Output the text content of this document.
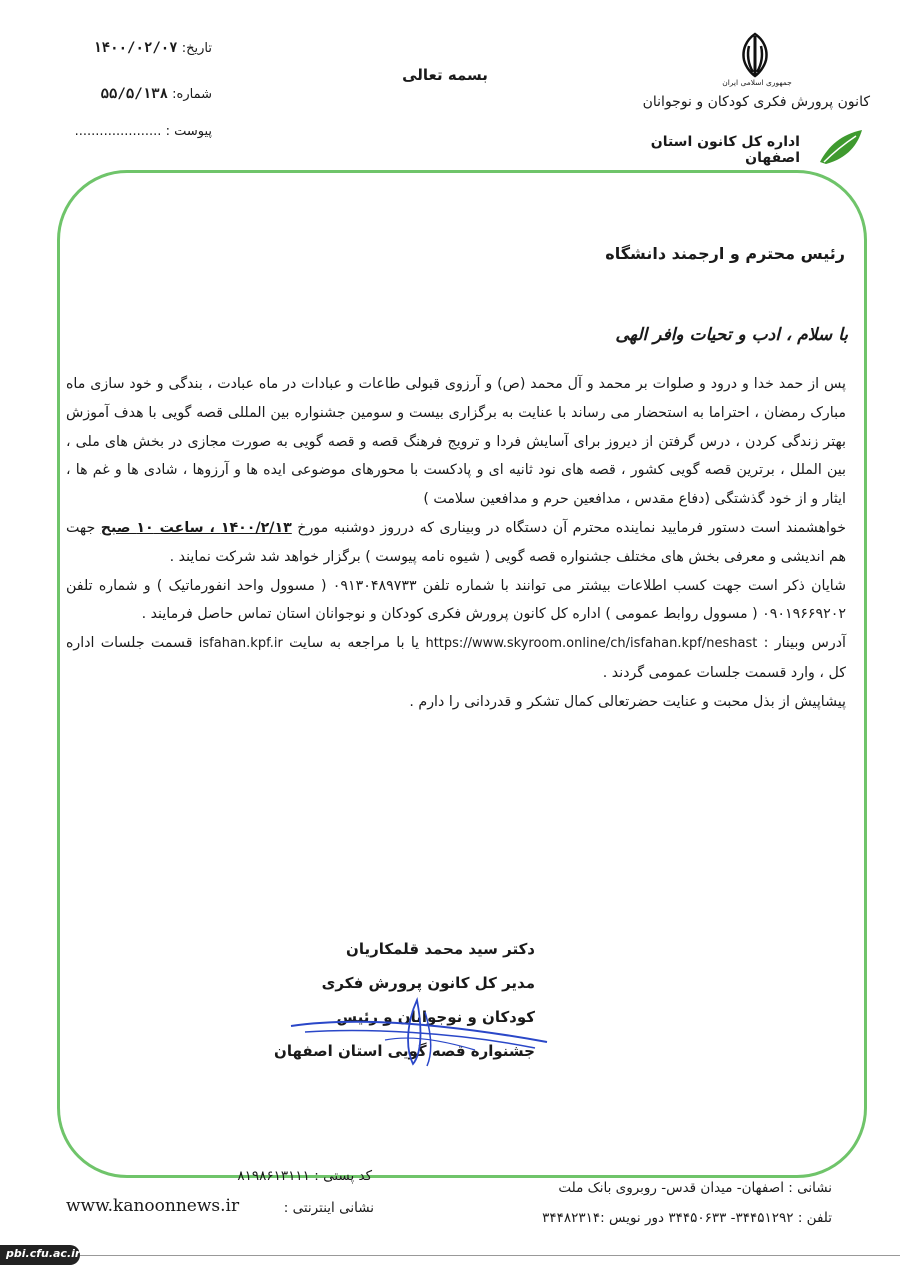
جمهوری اسلامی ایران
کانون پرورش فکری کودکان و نوجوانان
اداره کل کانون استان اصفهان
بسمه تعالی
تاریخ: ۱۴۰۰/۰۲/۰۷
شماره: ۵۵/۵/۱۳۸
پیوست : .....................
رئیس محترم و ارجمند دانشگاه
با سلام ، ادب و تحیات وافر الهی

پس از حمد خدا و درود و صلوات بر محمد و آل محمد (ص) و آرزوی قبولی طاعات و عبادات در ماه عبادت ، بندگی و خود سازی ماه مبارک رمضان ، احتراما به استحضار می رساند با عنایت به برگزاری بیست و سومین جشنواره بین المللی قصه گویی با هدف آموزش بهتر زندگی کردن ، درس گرفتن از دیروز برای آسایش فردا و ترویج فرهنگ قصه و قصه گویی به صورت مجازی در بخش های ملی ، بین الملل ، برترین قصه گویی کشور ، قصه های نود ثانیه ای و پادکست با محورهای موضوعی ایده ها و آرزوها ، شادی ها و غم ها ، ایثار و از خود گذشتگی (دفاع مقدس ، مدافعین حرم و مدافعین سلامت )

خواهشمند است دستور فرمایید نماینده محترم آن دستگاه در وبیناری که درروز دوشنبه مورخ ۱۴۰۰/۲/۱۳ ، ساعت ۱۰ صبح جهت هم اندیشی و معرفی بخش های مختلف جشنواره قصه گویی ( شیوه نامه پیوست ) برگزار خواهد شد شرکت نمایند .

شایان ذکر است جهت کسب اطلاعات بیشتر می توانند با شماره تلفن ۰۹۱۳۰۴۸۹۷۳۳ ( مسوول واحد انفورماتیک ) و شماره تلفن ۰۹۰۱۹۶۶۹۲۰۲ ( مسوول روابط عمومی ) اداره کل کانون پرورش فکری کودکان و نوجوانان استان تماس حاصل فرمایند .

آدرس وبینار : https://www.skyroom.online/ch/isfahan.kpf/neshast یا با مراجعه به سایت isfahan.kpf.ir قسمت جلسات اداره کل ، وارد قسمت جلسات عمومی گردند .

پیشاپیش از بذل محبت و عنایت حضرتعالی کمال تشکر و قدردانی را دارم .

دکتر سید محمد قلمکاریان
مدیر کل کانون پرورش فکری
کودکان و نوجوانان و رئیس
جشنواره قصه گویی استان اصفهان
نشانی : اصفهان- میدان قدس- روبروی بانک ملت
تلفن : ۳۴۴۵۱۲۹۲- ۳۴۴۵۰۶۳۳ دور نویس :۳۴۴۸۲۳۱۴
کد پستی : ۸۱۹۸۶۱۳۱۱۱
نشانی اینترنتی :
www.kanoonnews.ir
pbi.cfu.ac.ir
